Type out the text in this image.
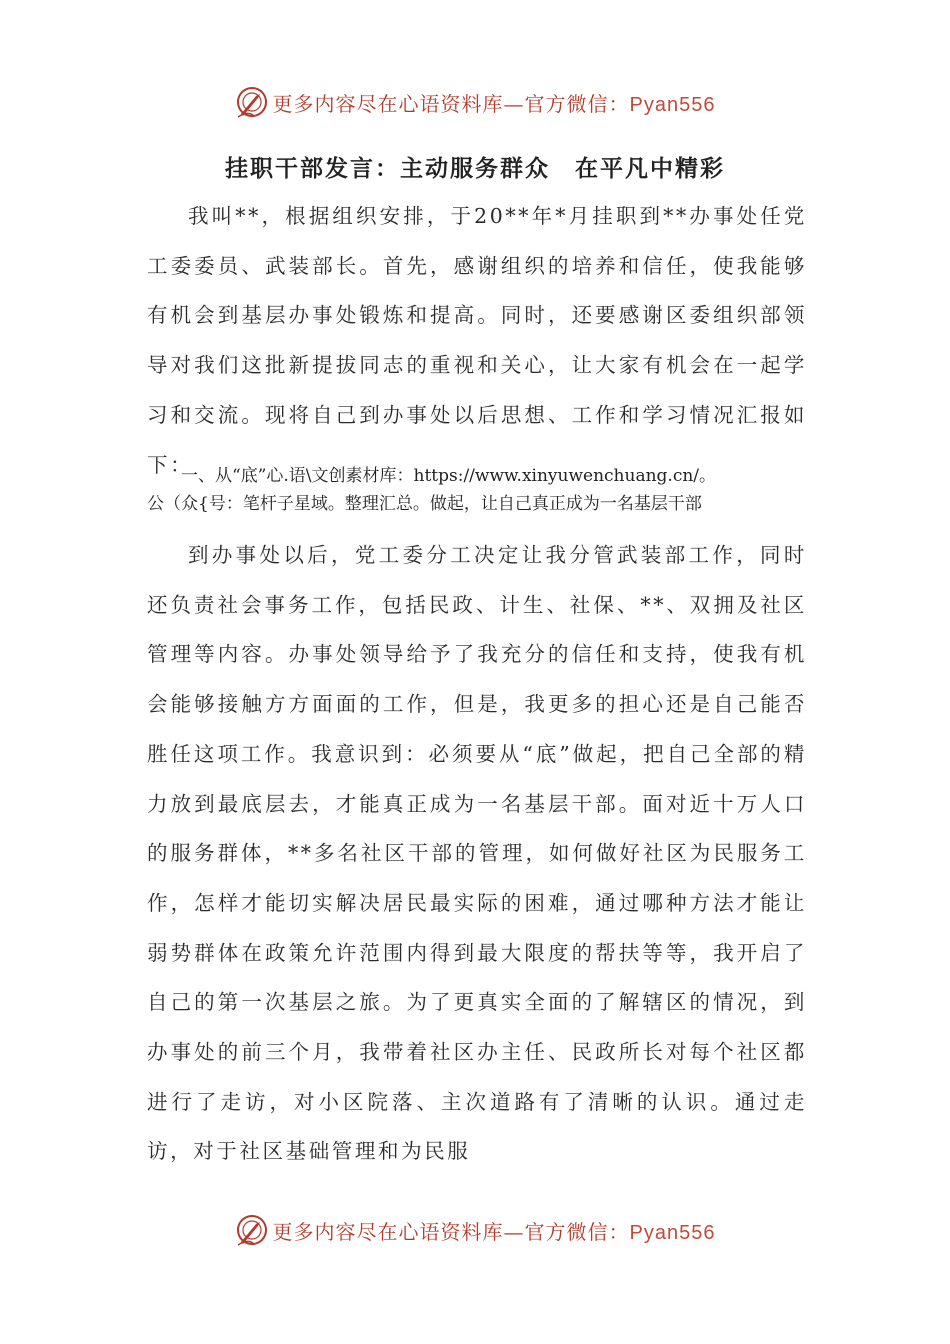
更多内容尽在心语资料库—官方微信：Pyan556
挂职干部发言：主动服务群众　在平凡中精彩

我叫**，根据组织安排，于20**年*月挂职到**办事处任党工委委员、武装部长。首先，感谢组织的培养和信任，使我能够有机会到基层办事处锻炼和提高。同时，还要感谢区委组织部领导对我们这批新提拔同志的重视和关心，让大家有机会在一起学习和交流。现将自己到办事处以后思想、工作和学习情况汇报如下：

一、从“底”心.语\文创素材库：https://www.xinyuwenchuang.cn/。
公（众{号：笔杆子星域。整理汇总。做起，让自己真正成为一名基层干部

到办事处以后，党工委分工决定让我分管武装部工作，同时还负责社会事务工作，包括民政、计生、社保、**、双拥及社区管理等内容。办事处领导给予了我充分的信任和支持，使我有机会能够接触方方面面的工作，但是，我更多的担心还是自己能否胜任这项工作。我意识到：必须要从“底”做起，把自己全部的精力放到最底层去，才能真正成为一名基层干部。面对近十万人口的服务群体，**多名社区干部的管理，如何做好社区为民服务工作，怎样才能切实解决居民最实际的困难，通过哪种方法才能让弱势群体在政策允许范围内得到最大限度的帮扶等等，我开启了自己的第一次基层之旅。为了更真实全面的了解辖区的情况，到办事处的前三个月，我带着社区办主任、民政所长对每个社区都进行了走访，对小区院落、主次道路有了清晰的认识。通过走访，对于社区基础管理和为民服

更多内容尽在心语资料库—官方微信：Pyan556
